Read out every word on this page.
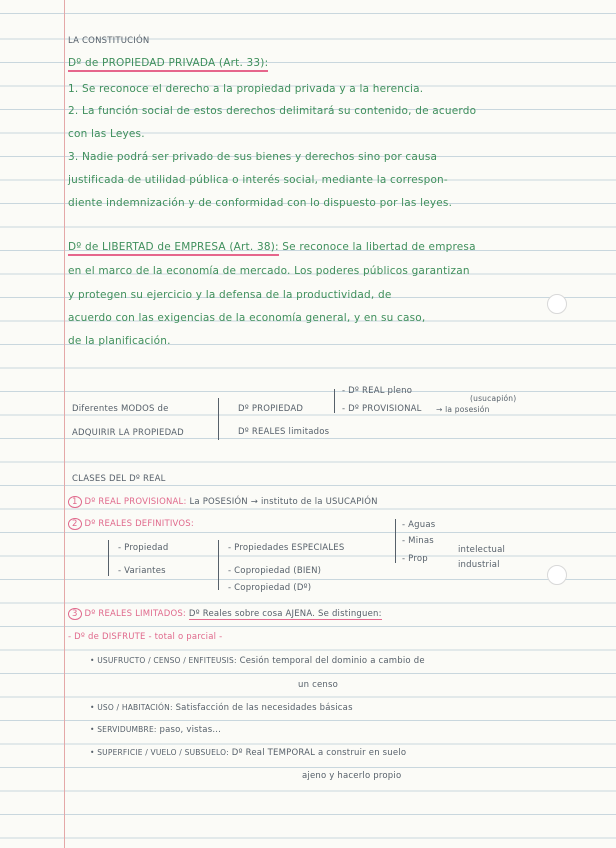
LA CONSTITUCIÓN
Dº de PROPIEDAD PRIVADA (Art. 33):
1. Se reconoce el derecho a la propiedad privada y a la herencia.
2. La función social de estos derechos delimitará su contenido, de acuerdo
con las Leyes.
3. Nadie podrá ser privado de sus bienes y derechos sino por causa
justificada de utilidad pública o interés social, mediante la correspon-
diente indemnización y de conformidad con lo dispuesto por las leyes.
Dº de LIBERTAD de EMPRESA (Art. 38): Se reconoce la libertad de empresa
en el marco de la economía de mercado. Los poderes públicos garantizan
y protegen su ejercicio y la defensa de la productividad, de
acuerdo con las exigencias de la economía general, y en su caso,
de la planificación.
Diferentes MODOS de
ADQUIRIR LA PROPIEDAD
Dº PROPIEDAD
Dº REALES limitados
- Dº REAL pleno
- Dº PROVISIONAL
(usucapión)
→ la posesión
CLASES DEL Dº REAL
1 Dº REAL PROVISIONAL: La POSESIÓN → instituto de la USUCAPIÓN
2 Dº REALES DEFINITIVOS:
- Propiedad
- Variantes
- Propiedades ESPECIALES
- Copropiedad (BIEN)
- Copropiedad (Dº)
- Aguas
- Minas
- Prop
intelectual
industrial
3 Dº REALES LIMITADOS: Dº Reales sobre cosa AJENA. Se distinguen:
- Dº de DISFRUTE - total o parcial -
• USUFRUCTO / CENSO / ENFITEUSIS: Cesión temporal del dominio a cambio de
un censo
• USO / HABITACIÓN: Satisfacción de las necesidades básicas
• SERVIDUMBRE: paso, vistas...
• SUPERFICIE / VUELO / SUBSUELO: Dº Real TEMPORAL a construir en suelo
ajeno y hacerlo propio
